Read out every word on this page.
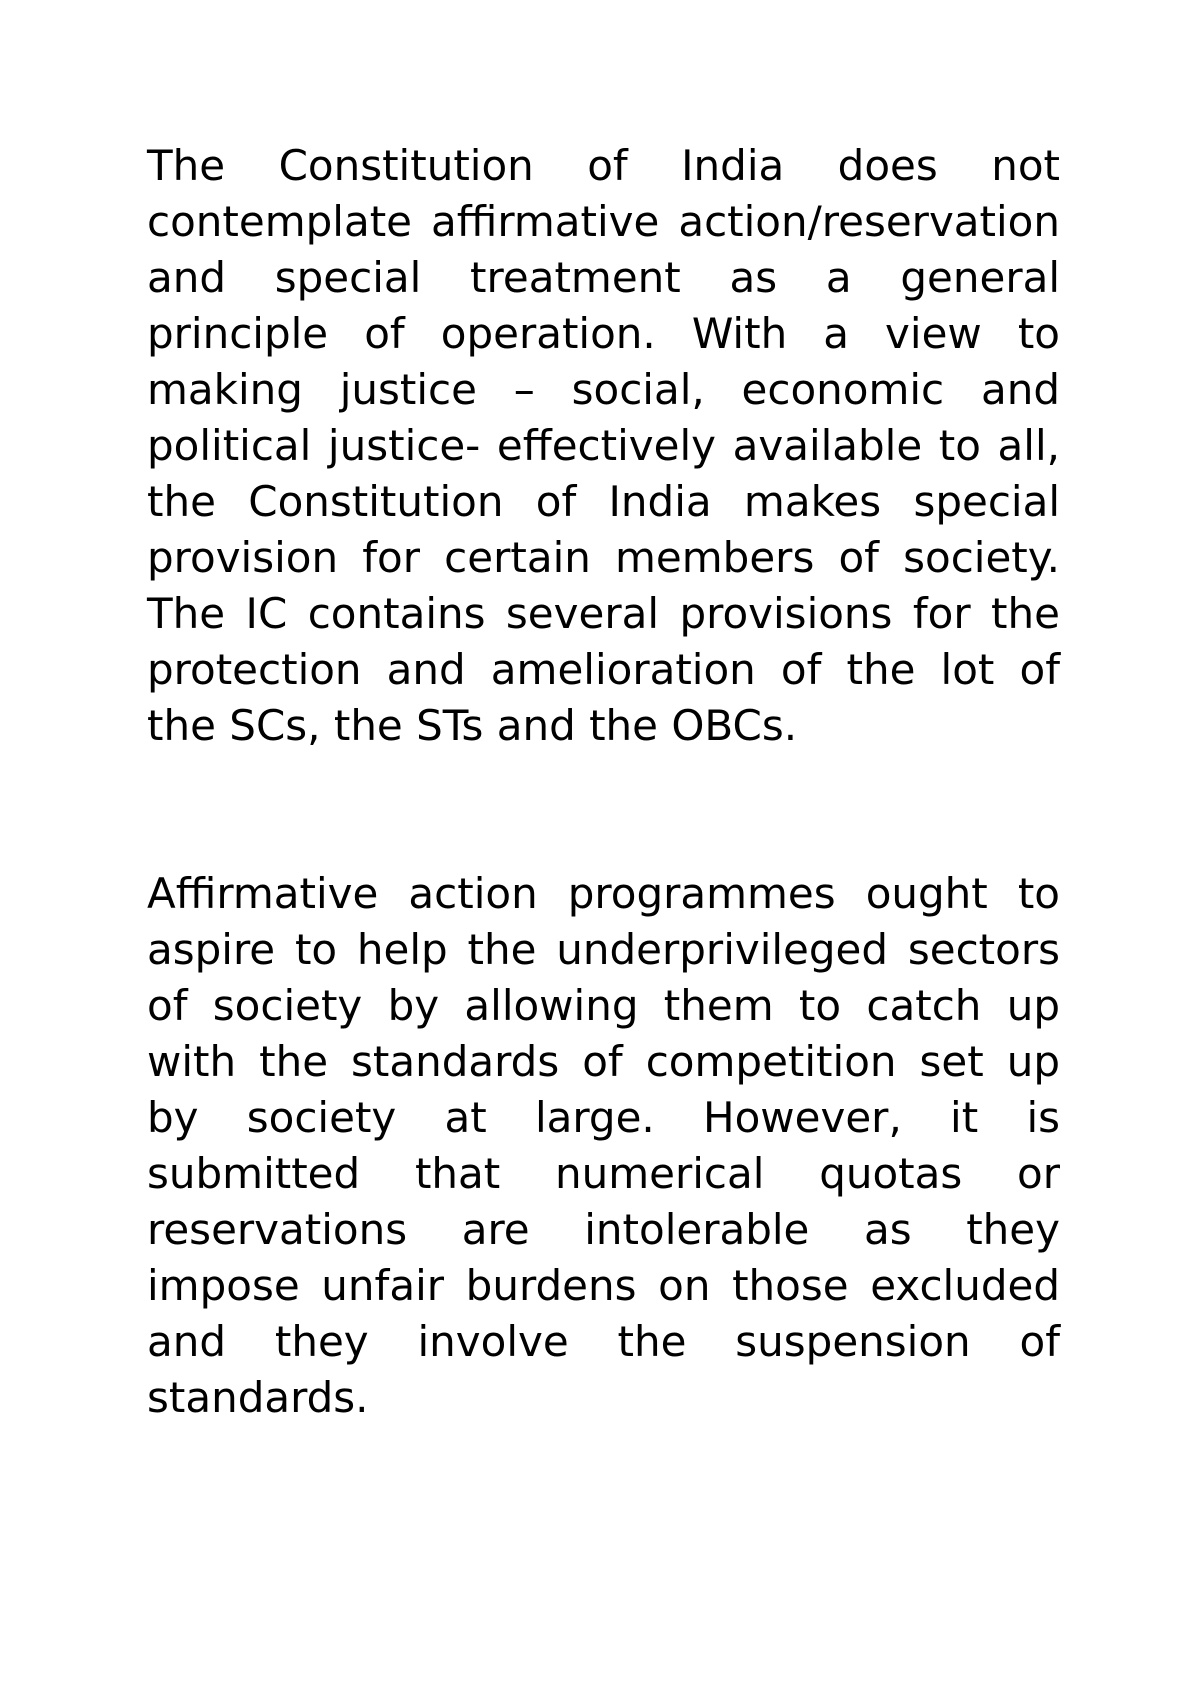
The Constitution of India does not contemplate affirmative action/reservation and special treatment as a general principle of operation. With a view to making justice – social, economic and political justice- effectively available to all, the Constitution of India makes special provision for certain members of society. The IC contains several provisions for the protection and amelioration of the lot of the SCs, the STs and the OBCs.

Affirmative action programmes ought to aspire to help the underprivileged sectors of society by allowing them to catch up with the standards of competition set up by society at large. However, it is submitted that numerical quotas or reservations are intolerable as they impose unfair burdens on those excluded and they involve the suspension of standards.
